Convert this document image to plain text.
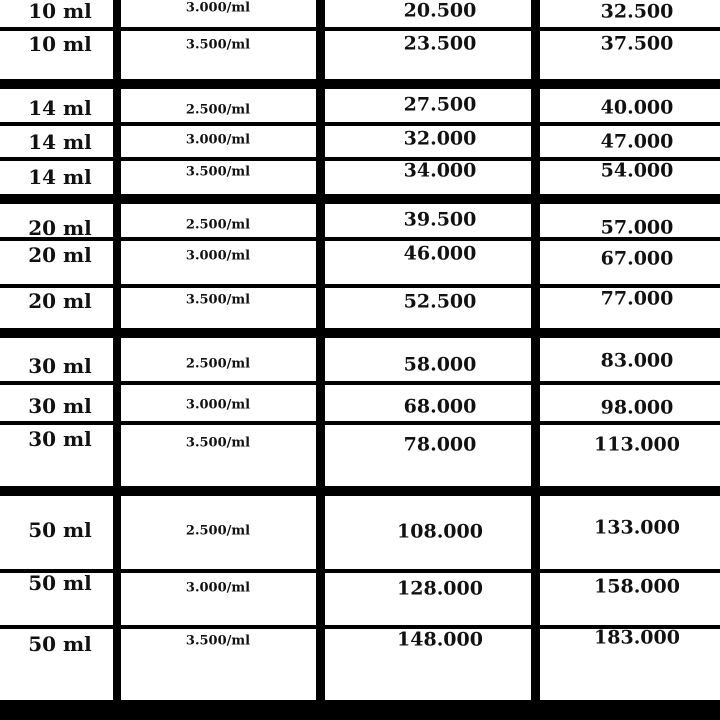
10 ml	3.000/ml	20.500	32.500
10 ml	3.500/ml	23.500	37.500
14 ml	2.500/ml	27.500	40.000
14 ml	3.000/ml	32.000	47.000
14 ml	3.500/ml	34.000	54.000
20 ml	2.500/ml	39.500	57.000
20 ml	3.000/ml	46.000	67.000
20 ml	3.500/ml	52.500	77.000
30 ml	2.500/ml	58.000	83.000
30 ml	3.000/ml	68.000	98.000
30 ml	3.500/ml	78.000	113.000
50 ml	2.500/ml	108.000	133.000
50 ml	3.000/ml	128.000	158.000
50 ml	3.500/ml	148.000	183.000
